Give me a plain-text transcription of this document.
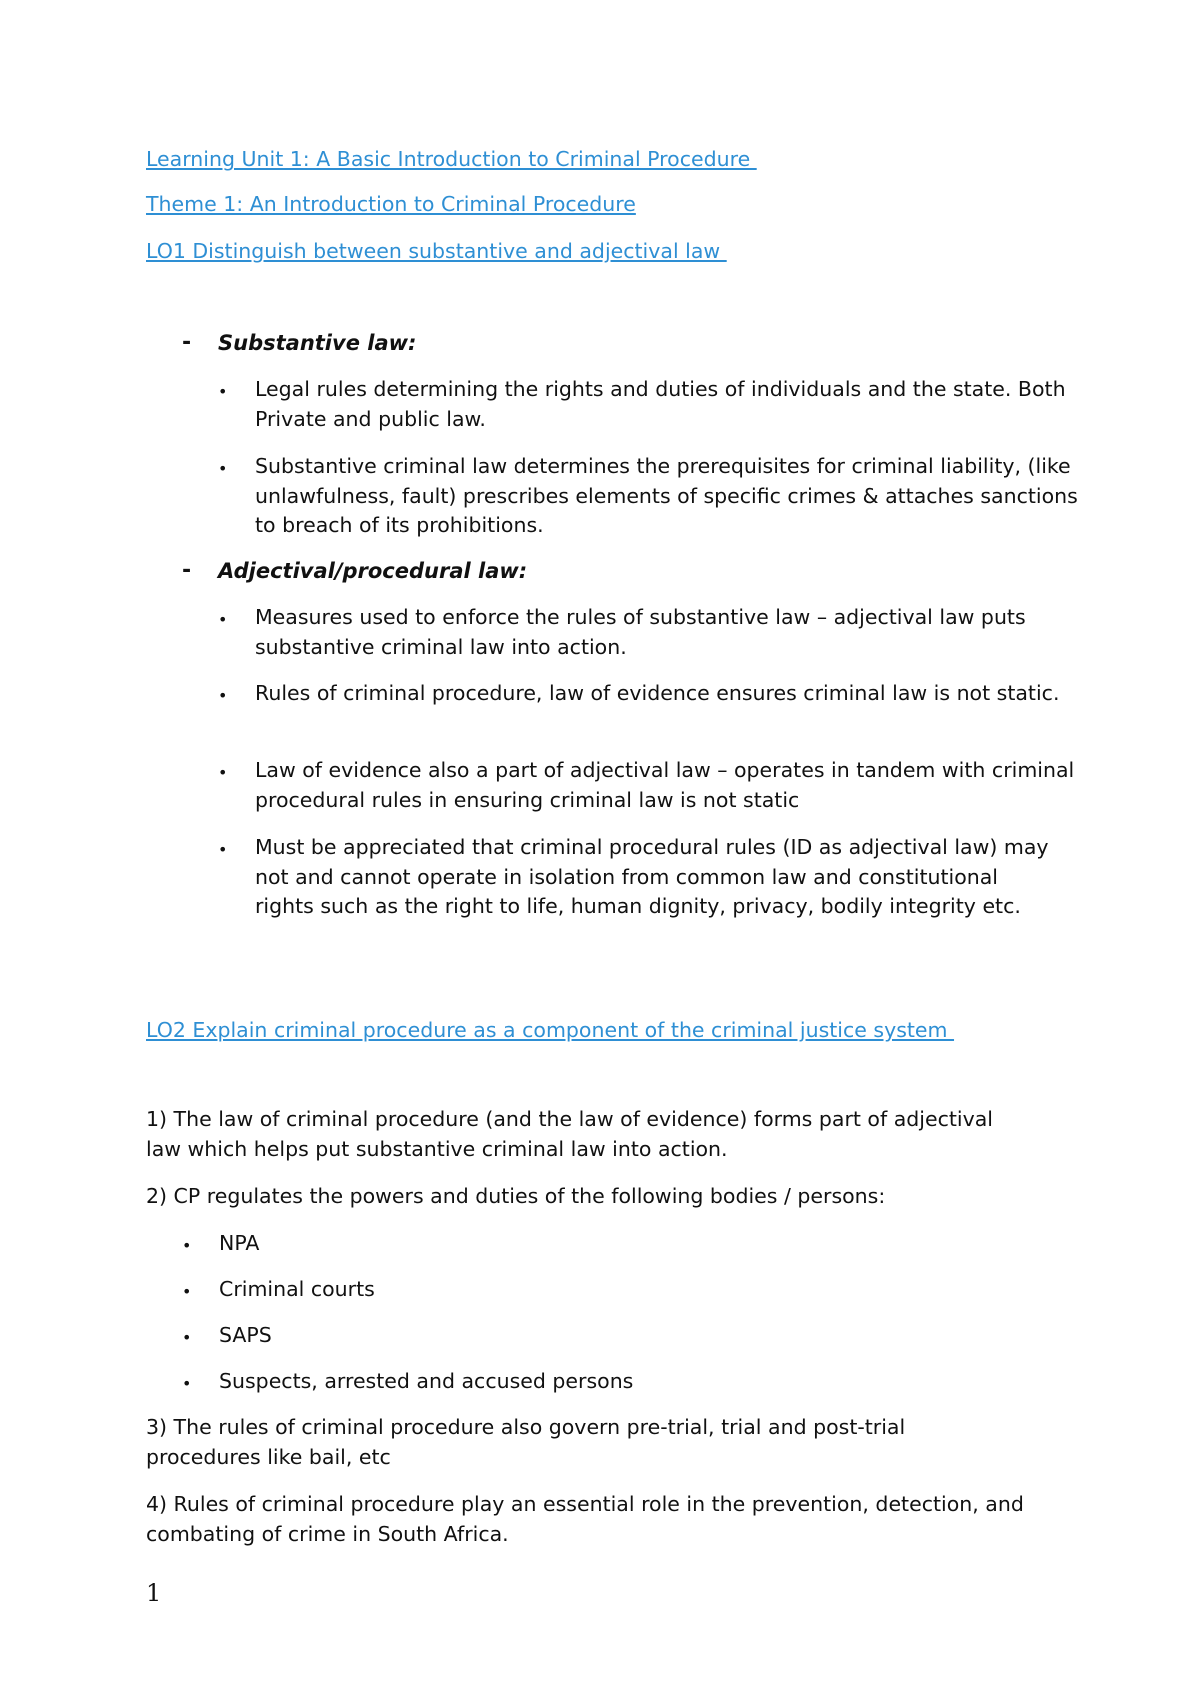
Learning Unit 1: A Basic Introduction to Criminal Procedure
Theme 1: An Introduction to Criminal Procedure
LO1 Distinguish between substantive and adjectival law
- Substantive law:
• Legal rules determining the rights and duties of individuals and the state. Both Private and public law.
• Substantive criminal law determines the prerequisites for criminal liability, (like unlawfulness, fault) prescribes elements of specific crimes & attaches sanctions to breach of its prohibitions.
- Adjectival/procedural law:
• Measures used to enforce the rules of substantive law – adjectival law puts substantive criminal law into action.
• Rules of criminal procedure, law of evidence ensures criminal law is not static.
• Law of evidence also a part of adjectival law – operates in tandem with criminal procedural rules in ensuring criminal law is not static
• Must be appreciated that criminal procedural rules (ID as adjectival law) may not and cannot operate in isolation from common law and constitutional rights such as the right to life, human dignity, privacy, bodily integrity etc.
LO2 Explain criminal procedure as a component of the criminal justice system
1) The law of criminal procedure (and the law of evidence) forms part of adjectival law which helps put substantive criminal law into action.
2) CP regulates the powers and duties of the following bodies / persons:
• NPA
• Criminal courts
• SAPS
• Suspects, arrested and accused persons
3) The rules of criminal procedure also govern pre-trial, trial and post-trial procedures like bail, etc
4) Rules of criminal procedure play an essential role in the prevention, detection, and combating of crime in South Africa.
1
